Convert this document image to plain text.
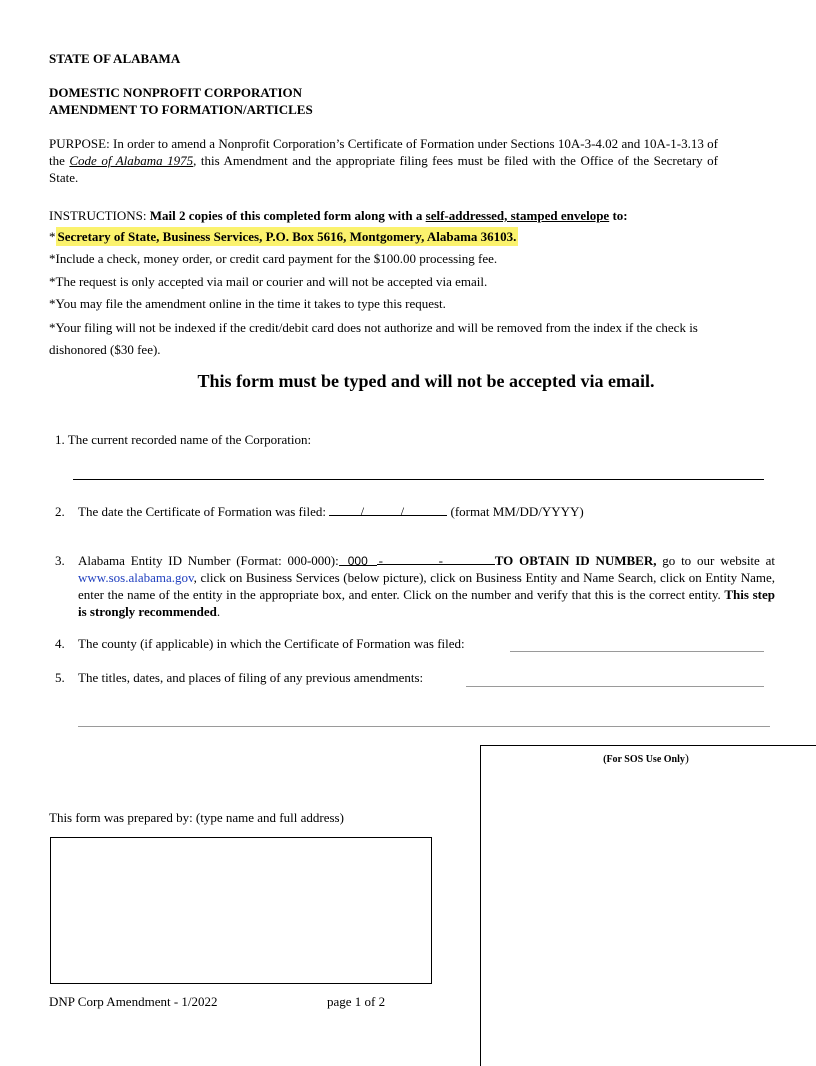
STATE OF ALABAMA
DOMESTIC NONPROFIT CORPORATION
AMENDMENT TO FORMATION/ARTICLES
PURPOSE: In order to amend a Nonprofit Corporation’s Certificate of Formation under Sections 10A-3-4.02 and 10A-1-3.13 of the Code of Alabama 1975, this Amendment and the appropriate filing fees must be filed with the Office of the Secretary of State.
INSTRUCTIONS: Mail 2 copies of this completed form along with a self-addressed, stamped envelope to:
* Secretary of State, Business Services, P.O. Box 5616, Montgomery, Alabama 36103.
*Include a check, money order, or credit card payment for the $100.00 processing fee.
*The request is only accepted via mail or courier and will not be accepted via email.
*You may file the amendment online in the time it takes to type this request.
*Your filing will not be indexed if the credit/debit card does not authorize and will be removed from the index if the check is dishonored ($30 fee).
This form must be typed and will not be accepted via email.
1. The current recorded name of the Corporation:
2. The date the Certificate of Formation was filed: /	/	(format MM/DD/YYYY)
3. Alabama Entity ID Number (Format: 000-000): 000 -	-	TO OBTAIN ID NUMBER, go to our website at www.sos.alabama.gov, click on Business Services (below picture), click on Business Entity and Name Search, click on Entity Name, enter the name of the entity in the appropriate box, and enter. Click on the number and verify that this is the correct entity. This step is strongly recommended.
4. The county (if applicable) in which the Certificate of Formation was filed:
5. The titles, dates, and places of filing of any previous amendments:
(For SOS Use Only)
This form was prepared by: (type name and full address)
DNP Corp Amendment - 1/2022	page 1 of 2
